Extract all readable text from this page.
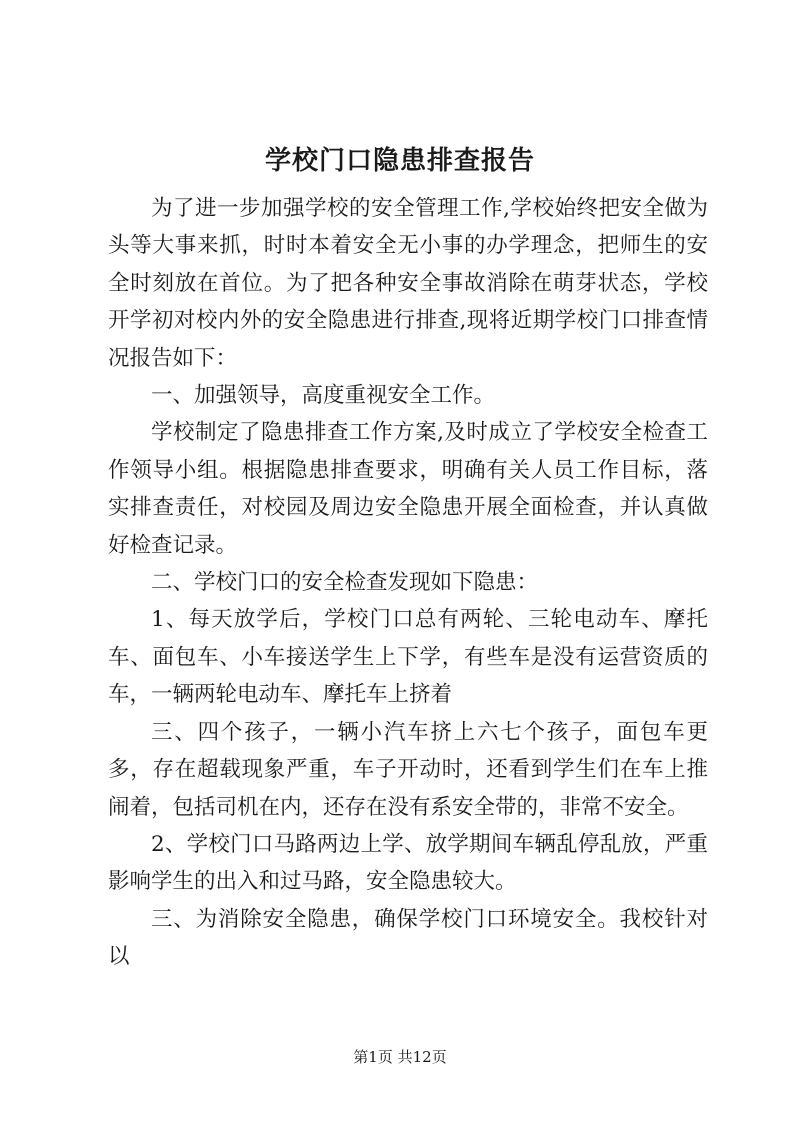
学校门口隐患排查报告

为了进一步加强学校的安全管理工作,学校始终把安全做为头等大事来抓，时时本着安全无小事的办学理念，把师生的安全时刻放在首位。为了把各种安全事故消除在萌芽状态，学校开学初对校内外的安全隐患进行排查,现将近期学校门口排查情况报告如下：

一、加强领导，高度重视安全工作。

学校制定了隐患排查工作方案,及时成立了学校安全检查工作领导小组。根据隐患排查要求，明确有关人员工作目标，落实排查责任，对校园及周边安全隐患开展全面检查，并认真做好检查记录。

二、学校门口的安全检查发现如下隐患：

1、每天放学后，学校门口总有两轮、三轮电动车、摩托车、面包车、小车接送学生上下学，有些车是没有运营资质的车，一辆两轮电动车、摩托车上挤着

三、四个孩子，一辆小汽车挤上六七个孩子，面包车更多，存在超载现象严重，车子开动时，还看到学生们在车上推闹着，包括司机在内，还存在没有系安全带的，非常不安全。

2、学校门口马路两边上学、放学期间车辆乱停乱放，严重影响学生的出入和过马路，安全隐患较大。

三、为消除安全隐患，确保学校门口环境安全。我校针对以

第1页 共12页
